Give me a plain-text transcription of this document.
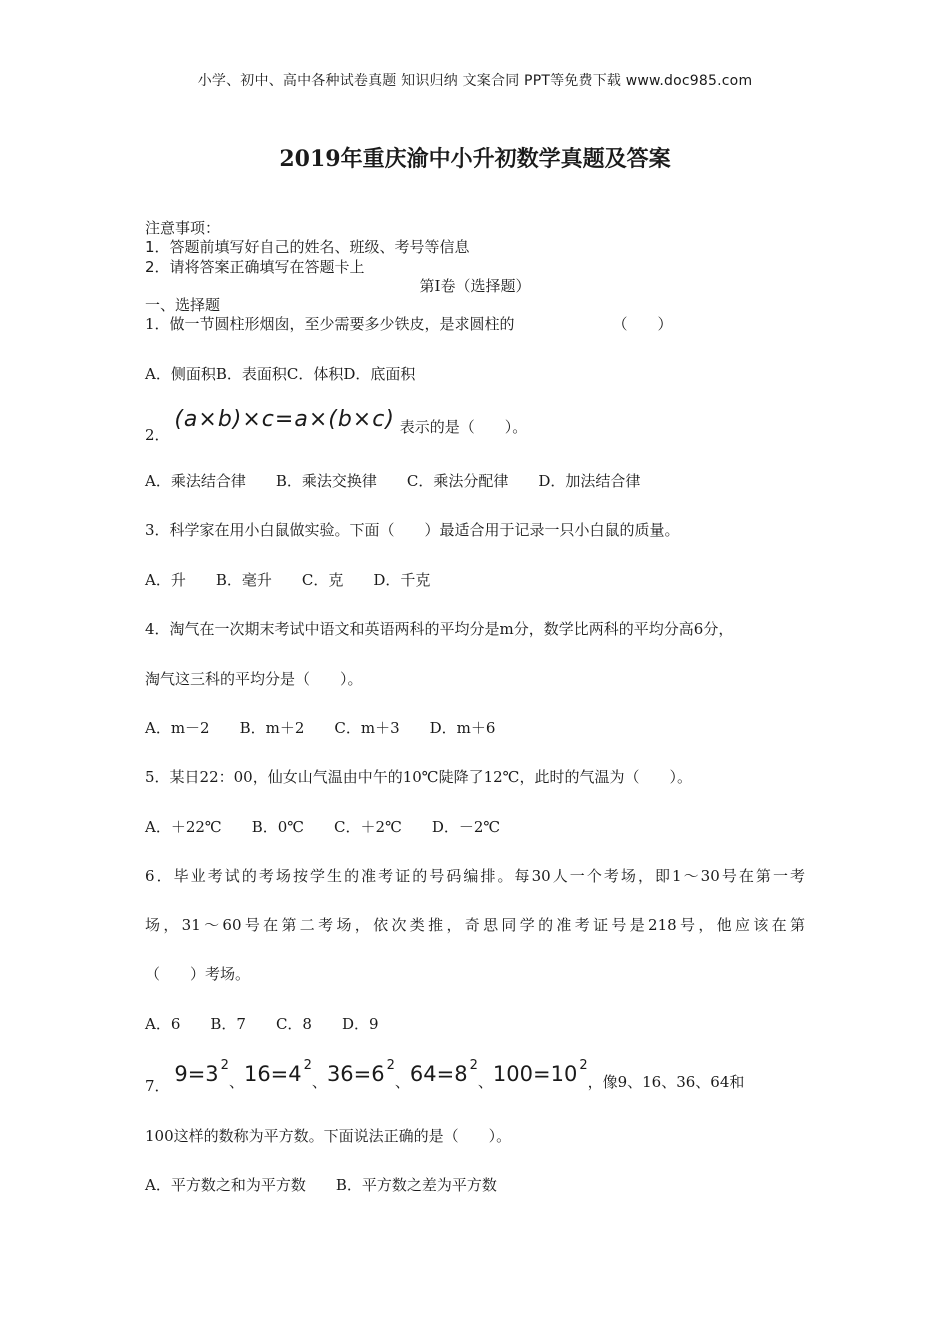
小学、初中、高中各种试卷真题 知识归纳 文案合同 PPT等免费下载 www.doc985.com
2019年重庆渝中小升初数学真题及答案
注意事项：
1．答题前填写好自己的姓名、班级、考号等信息
2．请将答案正确填写在答题卡上
第I卷（选择题）
一、选择题
1．做一节圆柱形烟囱，至少需要多少铁皮，是求圆柱的	（　　）
A．侧面积B．表面积C．体积D．底面积
2． (a×b)×c=a×(b×c) 表示的是（　　）。
A．乘法结合律　　B．乘法交换律　　C．乘法分配律　　D．加法结合律
3．科学家在用小白鼠做实验。下面（　　）最适合用于记录一只小白鼠的质量。
A．升　　B．毫升　　C．克　　D．千克
4．淘气在一次期末考试中语文和英语两科的平均分是m分，数学比两科的平均分高6分，
淘气这三科的平均分是（　　）。
A．m－2　　B．m＋2　　C．m＋3　　D．m＋6
5．某日22：00，仙女山气温由中午的10℃陡降了12℃，此时的气温为（　　）。
A．＋22℃　　B．0℃　　C．＋2℃　　D．－2℃
6．毕业考试的考场按学生的准考证的号码编排。每30人一个考场，即1～30号在第一考
场，31～60号在第二考场，依次类推，奇思同学的准考证号是218号，他应该在第
（　　）考场。
A．6　　B．7　　C．8　　D．9
7． 9=3 $^2$、16=4 $^2$、36=6 $^2$、64=8 $^2$、100=10 $^2$，像9、16、36、64和
100这样的数称为平方数。下面说法正确的是（　　）。
A．平方数之和为平方数　　B．平方数之差为平方数
